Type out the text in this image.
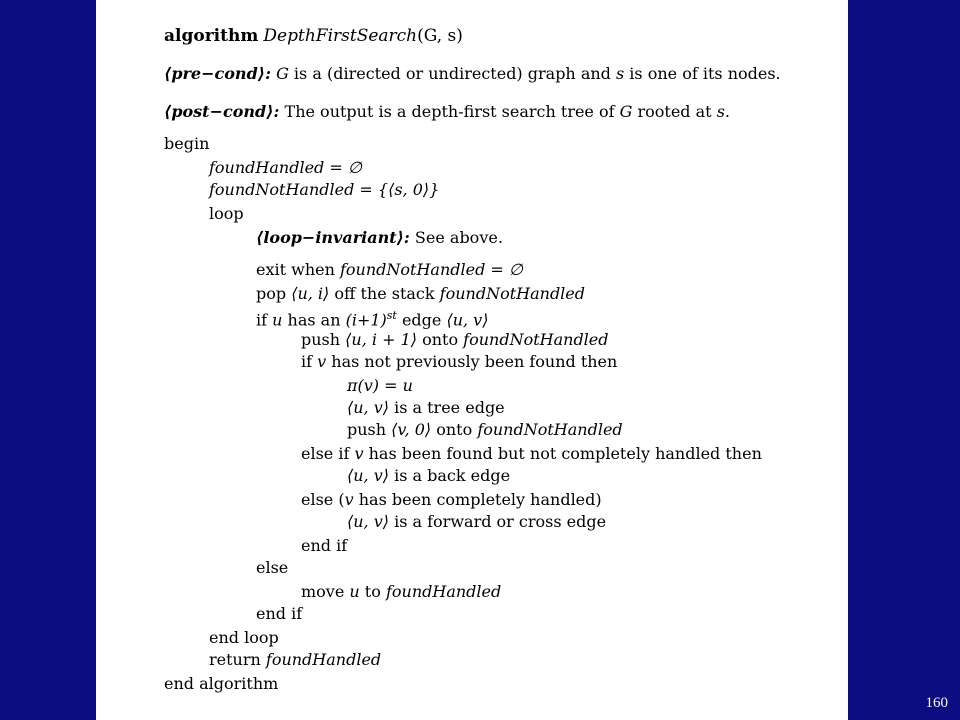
algorithm DepthFirstSearch(G, s)
⟨pre−cond⟩: G is a (directed or undirected) graph and s is one of its nodes.
⟨post−cond⟩: The output is a depth-first search tree of G rooted at s.
begin
foundHandled = ∅
foundNotHandled = {⟨s, 0⟩}
loop
⟨loop−invariant⟩: See above.
exit when foundNotHandled = ∅
pop ⟨u, i⟩ off the stack foundNotHandled
if u has an $(i+1)^{st}$ edge ⟨u, v⟩
push ⟨u, i + 1⟩ onto foundNotHandled
if v has not previously been found then
π(v) = u
⟨u, v⟩ is a tree edge
push ⟨v, 0⟩ onto foundNotHandled
else if v has been found but not completely handled then
⟨u, v⟩ is a back edge
else (v has been completely handled)
⟨u, v⟩ is a forward or cross edge
end if
else
move u to foundHandled
end if
end loop
return foundHandled
end algorithm
160
